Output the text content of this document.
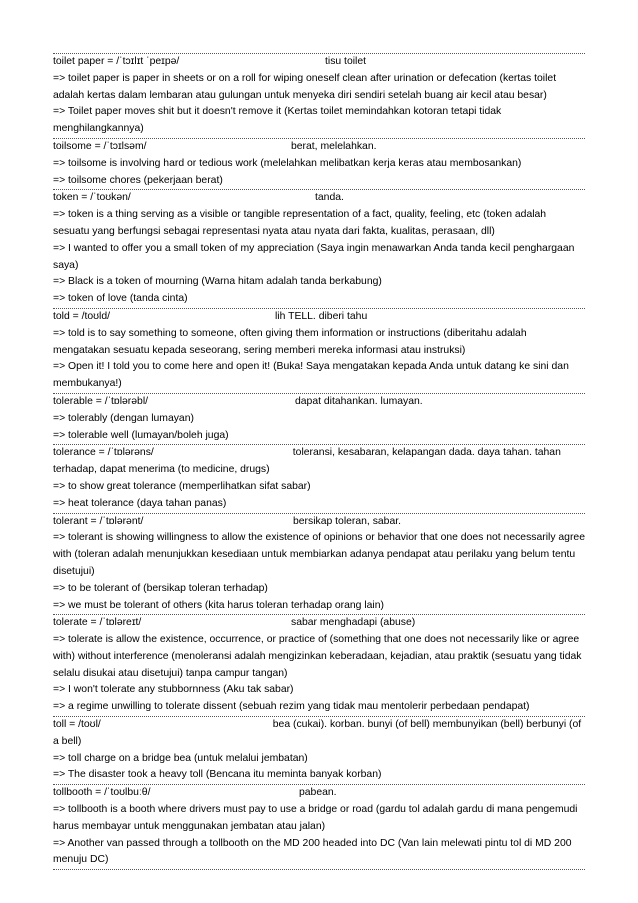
toilet paper = /ˈtɔɪlɪt ˈpeɪpə/	tisu toilet

=> toilet paper is paper in sheets or on a roll for wiping oneself clean after urination or defecation (kertas toilet adalah kertas dalam lembaran atau gulungan untuk menyeka diri sendiri setelah buang air kecil atau besar)

=> Toilet paper moves shit but it doesn't remove it (Kertas toilet memindahkan kotoran tetapi tidak menghilangkannya)

toilsome = /ˈtɔɪlsəm/	berat, melelahkan.

=> toilsome is involving hard or tedious work (melelahkan melibatkan kerja keras atau membosankan)

=> toilsome chores (pekerjaan berat)

token = /ˈtoʊkən/	tanda.

=> token is a thing serving as a visible or tangible representation of a fact, quality, feeling, etc (token adalah sesuatu yang berfungsi sebagai representasi nyata atau nyata dari fakta, kualitas, perasaan, dll)

=> I wanted to offer you a small token of my appreciation (Saya ingin menawarkan Anda tanda kecil penghargaan saya)

=> Black is a token of mourning (Warna hitam adalah tanda berkabung)

=> token of love (tanda cinta)

told = /toʊld/	lih TELL. diberi tahu

=> told is to say something to someone, often giving them information or instructions (diberitahu adalah mengatakan sesuatu kepada seseorang, sering memberi mereka informasi atau instruksi)

=> Open it! I told you to come here and open it! (Buka! Saya mengatakan kepada Anda untuk datang ke sini dan membukanya!)

tolerable = /ˈtɒlərəbl/	dapat ditahankan. lumayan.

=> tolerably (dengan lumayan)

=> tolerable well (lumayan/boleh juga)

tolerance = /ˈtɒlərəns/	toleransi, kesabaran, kelapangan dada. daya tahan. tahan terhadap, dapat menerima (to medicine, drugs)

=> to show great tolerance (memperlihatkan sifat sabar)

=> heat tolerance (daya tahan panas)

tolerant = /ˈtɒlərənt/	bersikap toleran, sabar.

=> tolerant is showing willingness to allow the existence of opinions or behavior that one does not necessarily agree with (toleran adalah menunjukkan kesediaan untuk membiarkan adanya pendapat atau perilaku yang belum tentu disetujui)

=> to be tolerant of (bersikap toleran terhadap)

=> we must be tolerant of others (kita harus toleran terhadap orang lain)

tolerate = /ˈtɒləreɪt/	sabar menghadapi (abuse)

=> tolerate is allow the existence, occurrence, or practice of (something that one does not necessarily like or agree with) without interference (menoleransi adalah mengizinkan keberadaan, kejadian, atau praktik (sesuatu yang tidak selalu disukai atau disetujui) tanpa campur tangan)

=> I won't tolerate any stubbornness (Aku tak sabar)

=> a regime unwilling to tolerate dissent (sebuah rezim yang tidak mau mentolerir perbedaan pendapat)

toll = /toʊl/	bea (cukai). korban. bunyi (of bell) membunyikan (bell) berbunyi (of a bell)

=> toll charge on a bridge bea (untuk melalui jembatan)

=> The disaster took a heavy toll (Bencana itu meminta banyak korban)

tollbooth = /ˈtoʊlbuːθ/	pabean.

=> tollbooth is a booth where drivers must pay to use a bridge or road (gardu tol adalah gardu di mana pengemudi harus membayar untuk menggunakan jembatan atau jalan)

=> Another van passed through a tollbooth on the MD 200 headed into DC (Van lain melewati pintu tol di MD 200 menuju DC)
